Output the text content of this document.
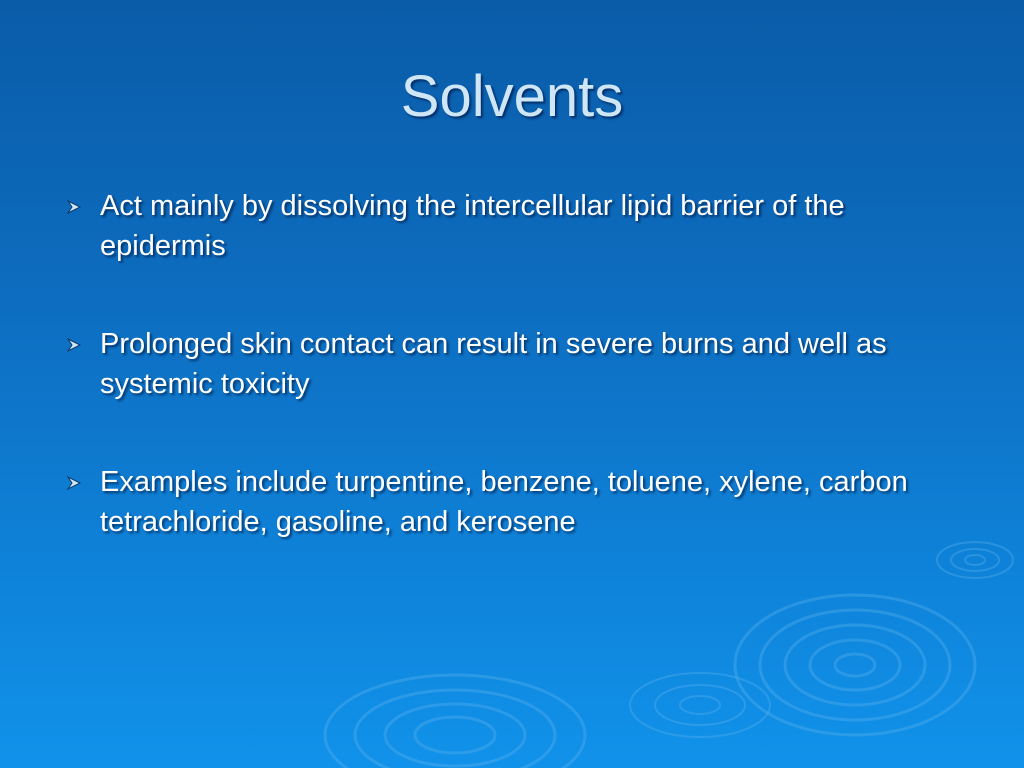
Solvents
Act mainly by dissolving the intercellular lipid barrier of the epidermis
Prolonged skin contact can result in severe burns and well as systemic toxicity
Examples include turpentine, benzene, toluene, xylene, carbon tetrachloride, gasoline, and kerosene
